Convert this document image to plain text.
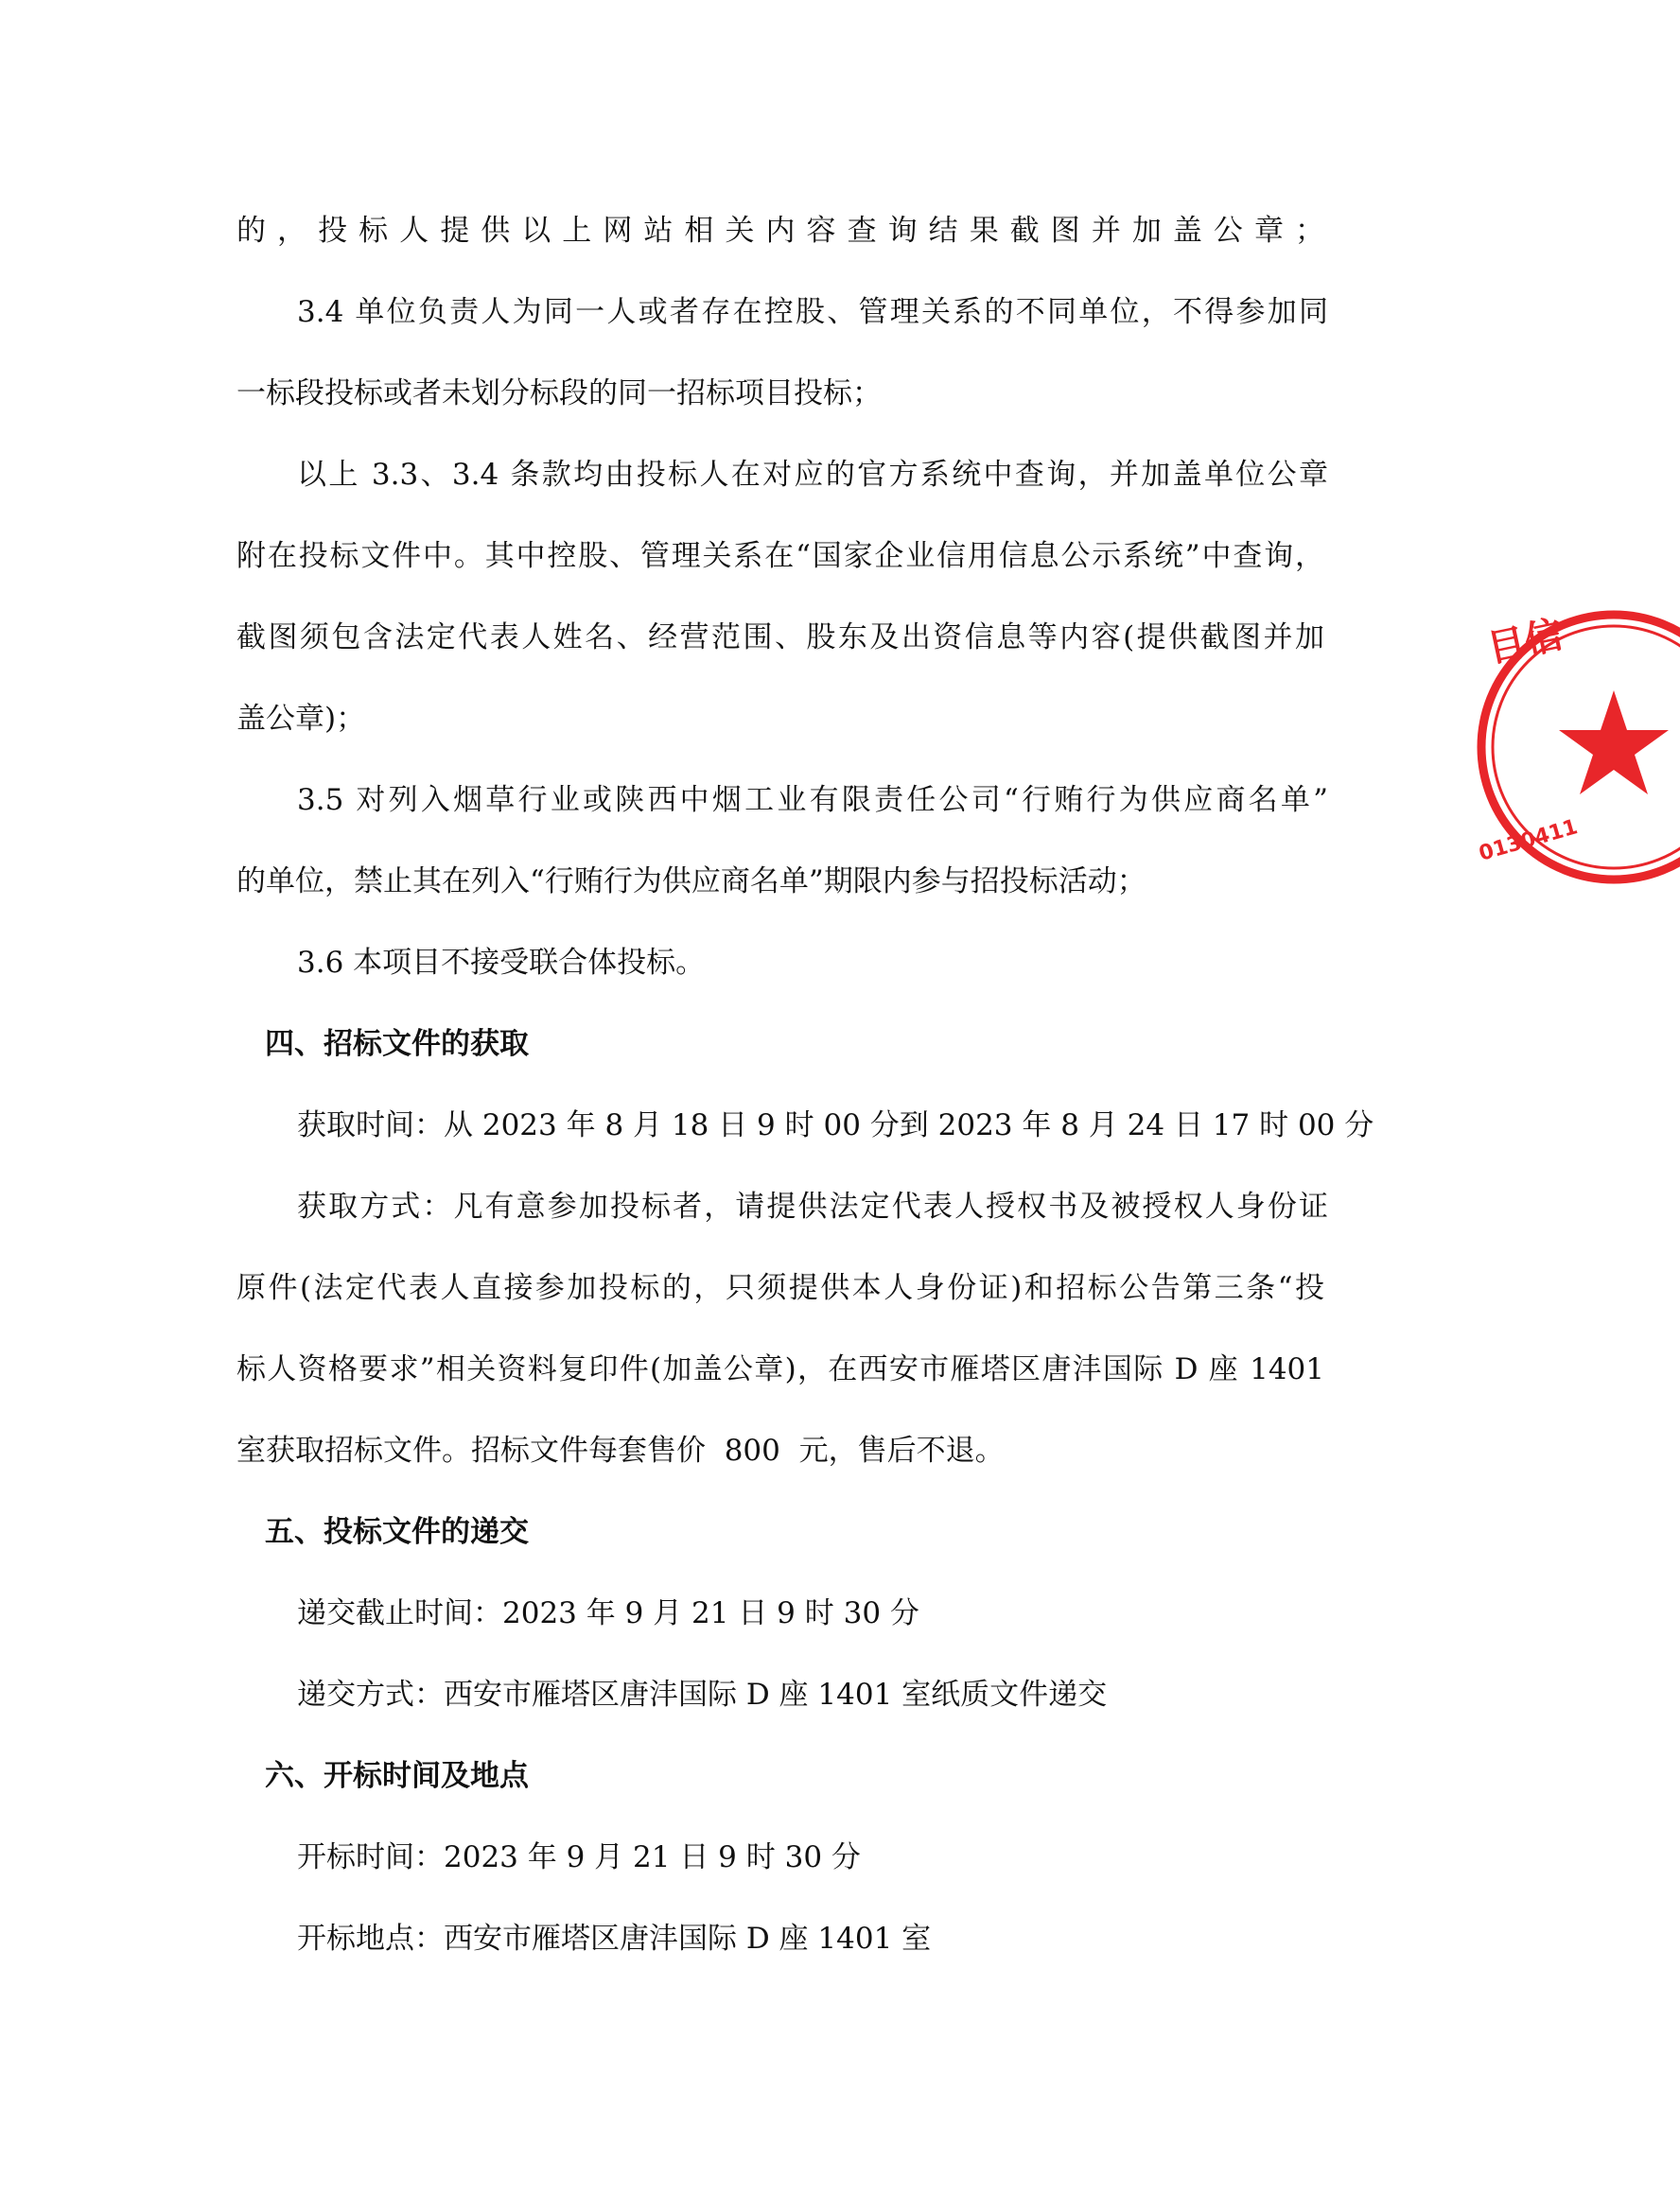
的，投标人提供以上网站相关内容查询结果截图并加盖公章；
3.4 单位负责人为同一人或者存在控股、管理关系的不同单位，不得参加同
一标段投标或者未划分标段的同一招标项目投标；
以上 3.3、3.4 条款均由投标人在对应的官方系统中查询，并加盖单位公章
附在投标文件中。其中控股、管理关系在“国家企业信用信息公示系统”中查询，
截图须包含法定代表人姓名、经营范围、股东及出资信息等内容(提供截图并加
盖公章)；
3.5 对列入烟草行业或陕西中烟工业有限责任公司“行贿行为供应商名单”
的单位，禁止其在列入“行贿行为供应商名单”期限内参与招投标活动；
3.6 本项目不接受联合体投标。
四、招标文件的获取
获取时间：从 2023 年 8 月 18 日 9 时 00 分到 2023 年 8 月 24 日 17 时 00 分
获取方式：凡有意参加投标者，请提供法定代表人授权书及被授权人身份证
原件(法定代表人直接参加投标的，只须提供本人身份证)和招标公告第三条“投
标人资格要求”相关资料复印件(加盖公章)，在西安市雁塔区唐沣国际 D 座 1401
室获取招标文件。招标文件每套售价  800  元，售后不退。
五、投标文件的递交
递交截止时间：2023 年 9 月 21 日 9 时 30 分
递交方式：西安市雁塔区唐沣国际 D 座 1401 室纸质文件递交
六、开标时间及地点
开标时间：2023 年 9 月 21 日 9 时 30 分
开标地点：西安市雁塔区唐沣国际 D 座 1401 室
目信
0130411
